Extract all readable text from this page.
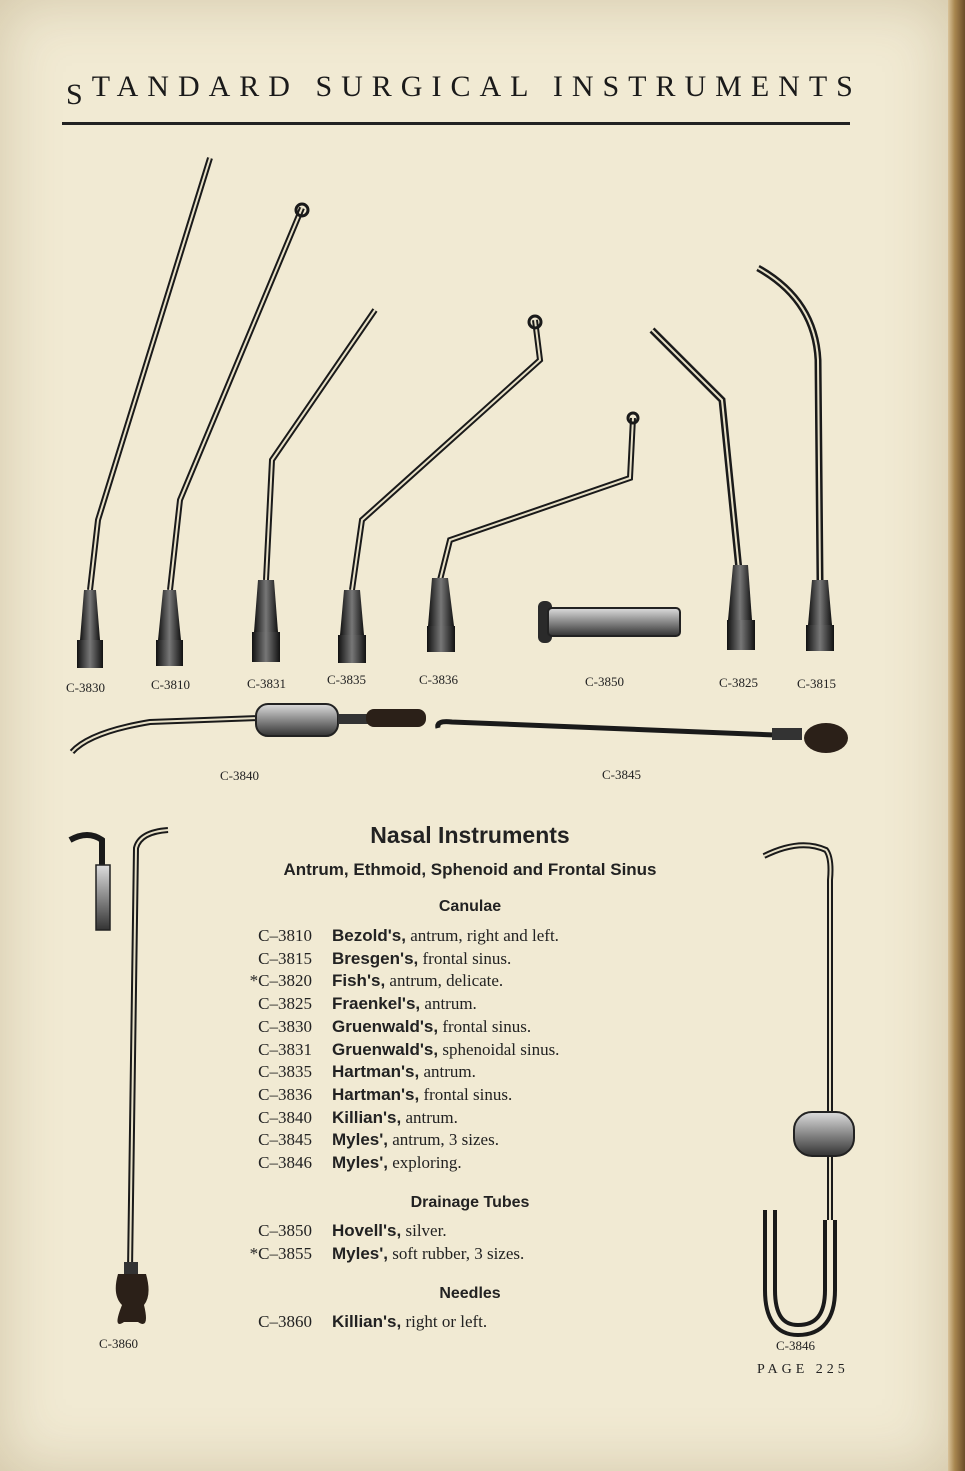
STANDARD SURGICAL INSTRUMENTS
C-3830	C-3810	C-3831	C-3835	C-3836	C-3850	C-3825	C-3815
C-3840	C-3845
C-3860	C-3846
Nasal Instruments
Antrum, Ethmoid, Sphenoid and Frontal Sinus
Canulae
C–3810 Bezold's, antrum, right and left.
C–3815 Bresgen's, frontal sinus.
*C–3820 Fish's, antrum, delicate.
C–3825 Fraenkel's, antrum.
C–3830 Gruenwald's, frontal sinus.
C–3831 Gruenwald's, sphenoidal sinus.
C–3835 Hartman's, antrum.
C–3836 Hartman's, frontal sinus.
C–3840 Killian's, antrum.
C–3845 Myles', antrum, 3 sizes.
C–3846 Myles', exploring.
Drainage Tubes
C–3850 Hovell's, silver.
*C–3855 Myles', soft rubber, 3 sizes.
Needles
C–3860 Killian's, right or left.
PAGE 225
